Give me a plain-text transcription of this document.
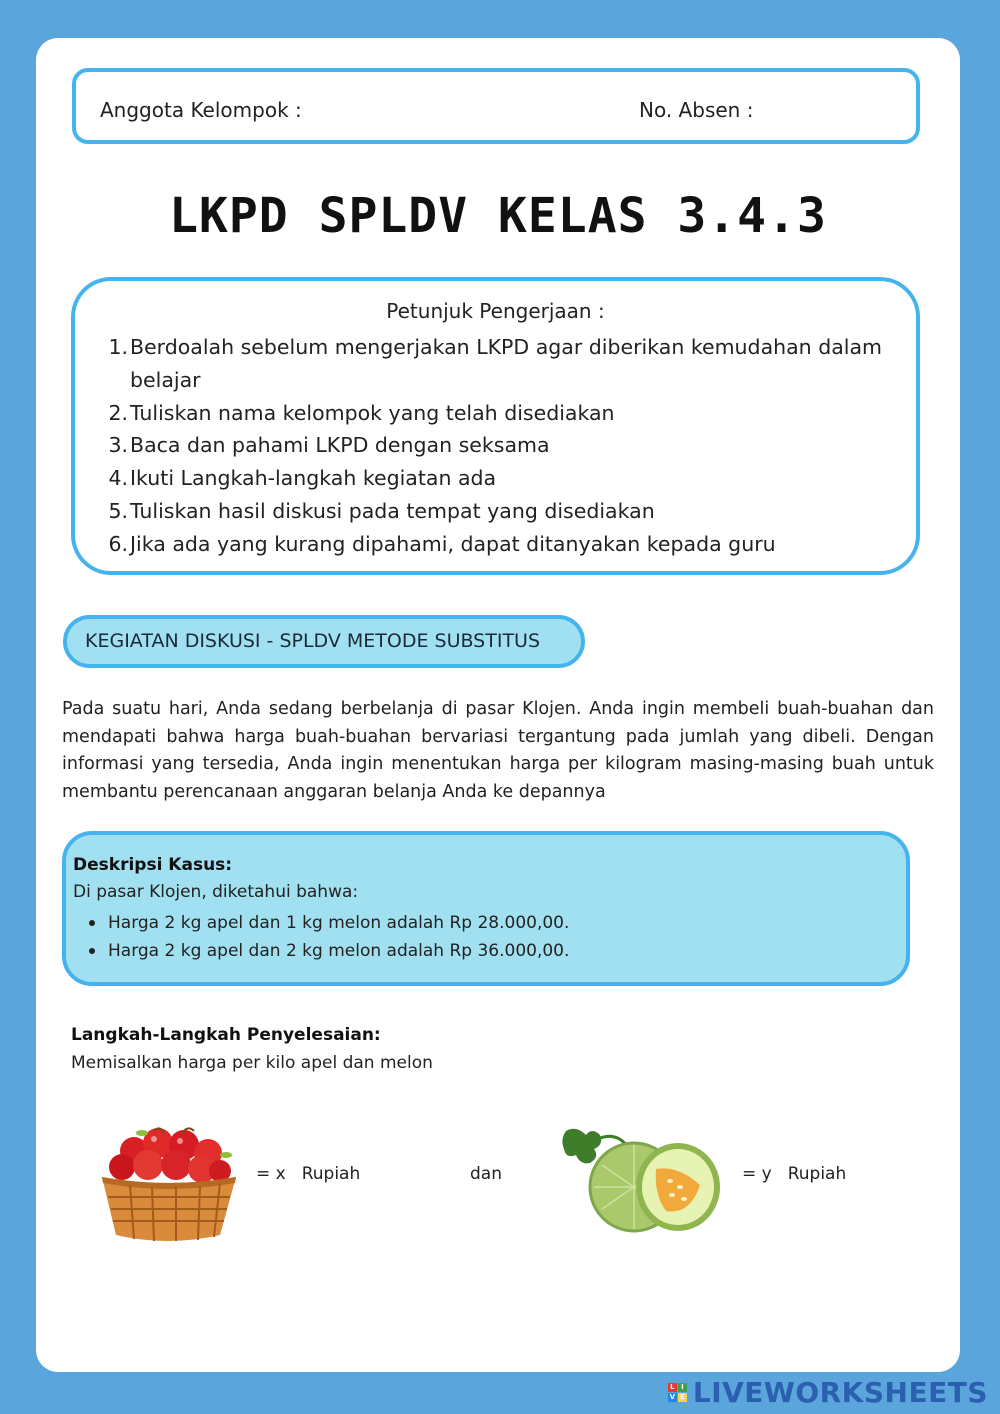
Anggota Kelompok :	No. Absen :
LKPD SPLDV KELAS 3.4.3
Petunjuk Pengerjaan :
1. Berdoalah sebelum mengerjakan LKPD agar diberikan kemudahan dalam belajar
2. Tuliskan nama kelompok yang telah disediakan
3. Baca dan pahami LKPD dengan seksama
4. Ikuti Langkah-langkah kegiatan ada
5. Tuliskan hasil diskusi pada tempat yang disediakan
6. Jika ada yang kurang dipahami, dapat ditanyakan kepada guru
KEGIATAN DISKUSI - SPLDV METODE SUBSTITUS

Pada suatu hari, Anda sedang berbelanja di pasar Klojen. Anda ingin membeli buah-buahan dan mendapati bahwa harga buah-buahan bervariasi tergantung pada jumlah yang dibeli. Dengan informasi yang tersedia, Anda ingin menentukan harga per kilogram masing-masing buah untuk membantu perencanaan anggaran belanja Anda ke depannya

Deskripsi Kasus:
Di pasar Klojen, diketahui bahwa:
Harga 2 kg apel dan 1 kg melon adalah Rp 28.000,00.
Harga 2 kg apel dan 2 kg melon adalah Rp 36.000,00.
Langkah-Langkah Penyelesaian:
Memisalkan harga per kilo apel dan melon
= x Rupiah	dan	= y Rupiah
L I
V E LIVEWORKSHEETS
